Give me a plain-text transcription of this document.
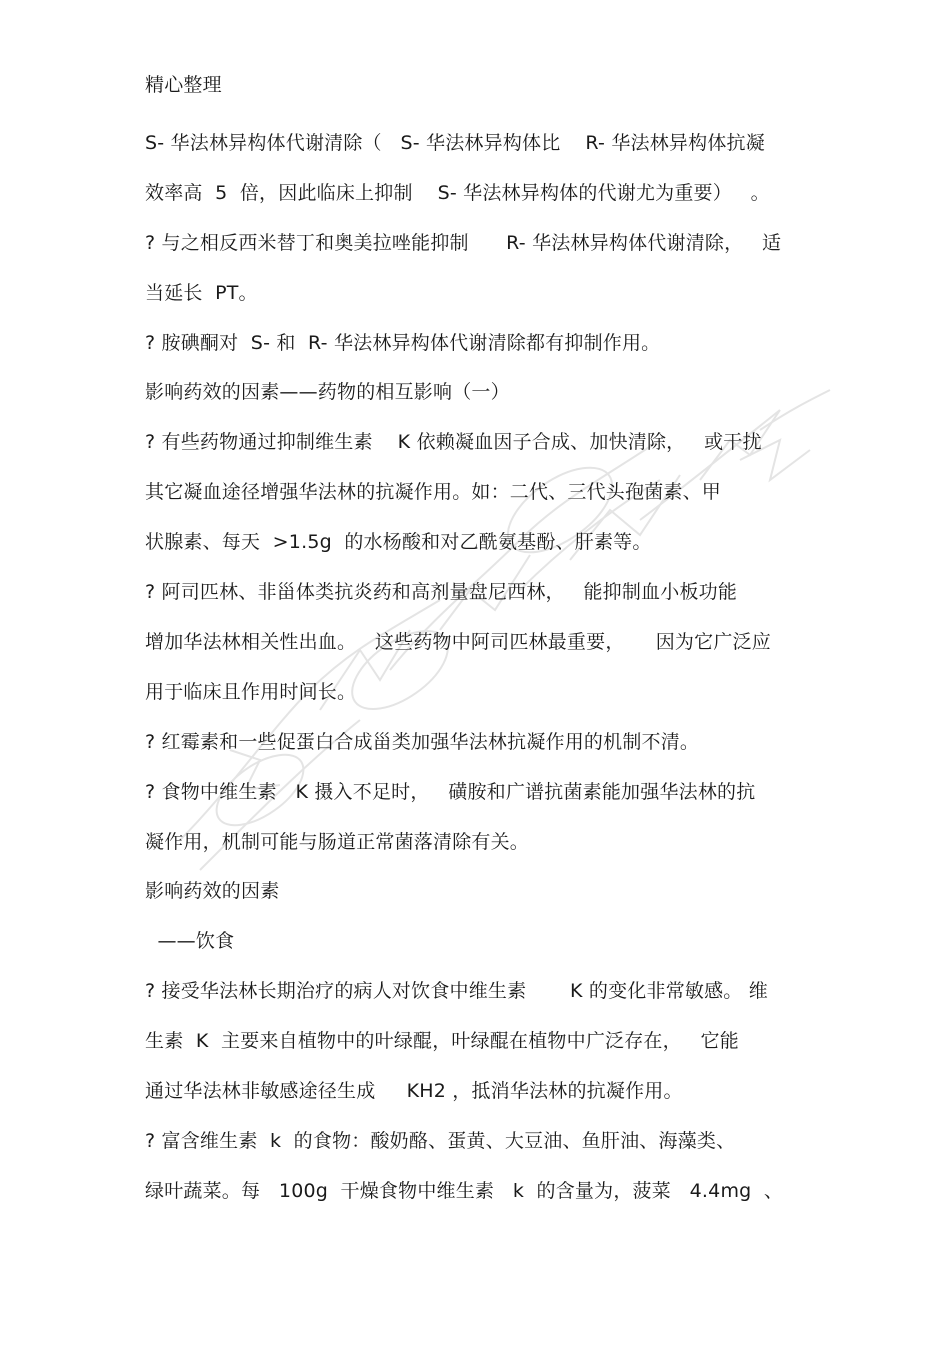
精心整理
S- 华法林异构体代谢清除（   S- 华法林异构体比    R- 华法林异构体抗凝
效率高  5  倍，因此临床上抑制    S- 华法林异构体的代谢尤为重要）   。
? 与之相反西米替丁和奥美拉唑能抑制      R- 华法林异构体代谢清除，   适
当延长  PT。
? 胺碘酮对  S- 和  R- 华法林异构体代谢清除都有抑制作用。
影响药效的因素——药物的相互影响（一）
? 有些药物通过抑制维生素    K 依赖凝血因子合成、加快清除，   或干扰
其它凝血途径增强华法林的抗凝作用。如：二代、三代头孢菌素、甲
状腺素、每天  >1.5g  的水杨酸和对乙酰氨基酚、肝素等。
? 阿司匹林、非甾体类抗炎药和高剂量盘尼西林，   能抑制血小板功能
增加华法林相关性出血。   这些药物中阿司匹林最重要，     因为它广泛应
用于临床且作用时间长。
? 红霉素和一些促蛋白合成甾类加强华法林抗凝作用的机制不清。
? 食物中维生素   K 摄入不足时，   磺胺和广谱抗菌素能加强华法林的抗
凝作用，机制可能与肠道正常菌落清除有关。
影响药效的因素
——饮食
? 接受华法林长期治疗的病人对饮食中维生素       K 的变化非常敏感。 维
生素  K  主要来自植物中的叶绿醌，叶绿醌在植物中广泛存在，   它能
通过华法林非敏感途径生成     KH2 ，抵消华法林的抗凝作用。
? 富含维生素  k  的食物：酸奶酪、蛋黄、大豆油、鱼肝油、海藻类、
绿叶蔬菜。每   100g  干燥食物中维生素   k  的含量为，菠菜   4.4mg  、
